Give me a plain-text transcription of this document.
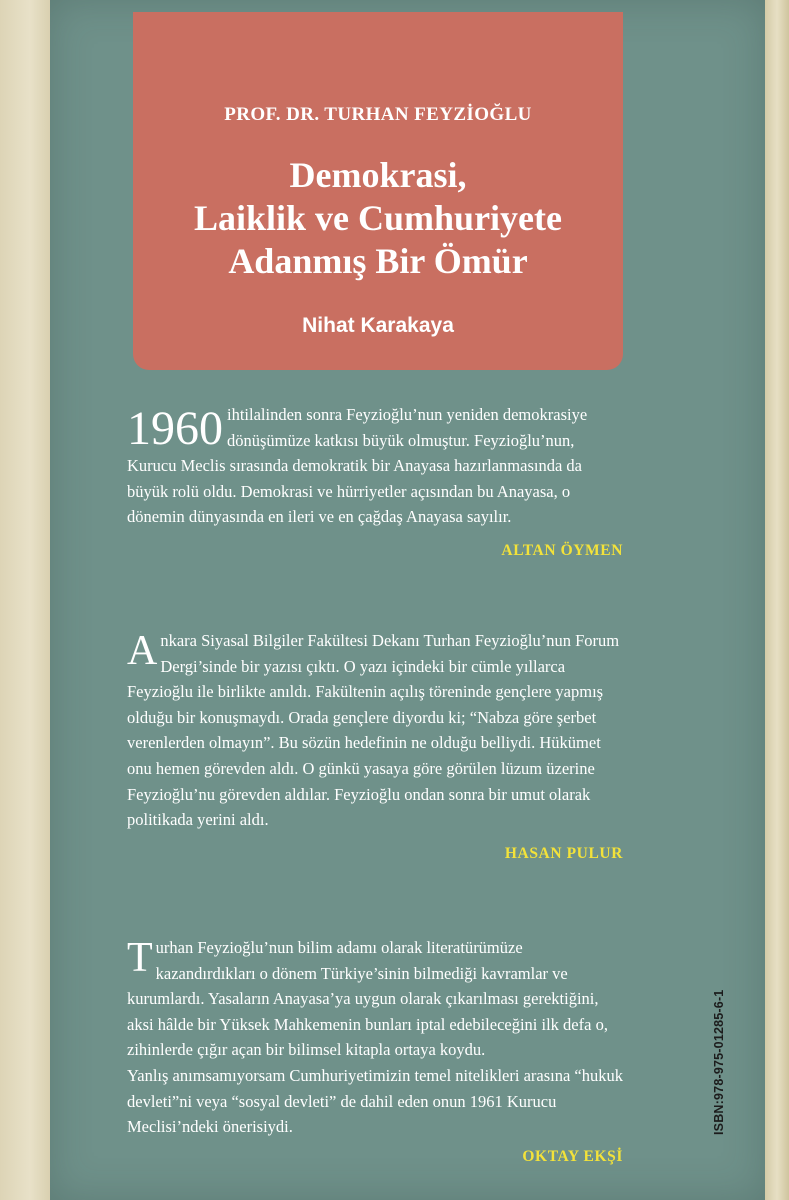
PROF. DR. TURHAN FEYZİOĞLU
Demokrasi,
Laiklik ve Cumhuriyete
Adanmış Bir Ömür
Nihat Karakaya

1960 ihtilalinden sonra Feyzioğlu’nun yeniden demokrasiye dönüşümüze katkısı büyük olmuştur. Feyzioğlu’nun, Kurucu Meclis sırasında demokratik bir Anayasa hazırlanmasında da büyük rolü oldu. Demokrasi ve hürriyetler açısından bu Anayasa, o dönemin dünyasında en ileri ve en çağdaş Anayasa sayılır.

ALTAN ÖYMEN

Ankara Siyasal Bilgiler Fakültesi Dekanı Turhan Feyzioğlu’nun Forum Dergi’sinde bir yazısı çıktı. O yazı içindeki bir cümle yıllarca Feyzioğlu ile birlikte anıldı. Fakültenin açılış töreninde gençlere yapmış olduğu bir konuşmaydı. Orada gençlere diyordu ki; “Nabza göre şerbet verenlerden olmayın”. Bu sözün hedefinin ne olduğu belliydi. Hükümet onu hemen görevden aldı. O günkü yasaya göre görülen lüzum üzerine Feyzioğlu’nu görevden aldılar. Feyzioğlu ondan sonra bir umut olarak politikada yerini aldı.

HASAN PULUR

Turhan Feyzioğlu’nun bilim adamı olarak literatürümüze kazandırdıkları o dönem Türkiye’sinin bilmediği kavramlar ve kurumlardı. Yasaların Anayasa’ya uygun olarak çıkarılması gerektiğini, aksi hâlde bir Yüksek Mahkemenin bunları iptal edebileceğini ilk defa o, zihinlerde çığır açan bir bilimsel kitapla ortaya koydu.

Yanlış anımsamıyorsam Cumhuriyetimizin temel nitelikleri arasına “hukuk devleti”ni veya “sosyal devleti” de dahil eden onun 1961 Kurucu Meclisi’ndeki önerisiydi.

OKTAY EKŞİ
ISBN:978-975-01285-6-1
